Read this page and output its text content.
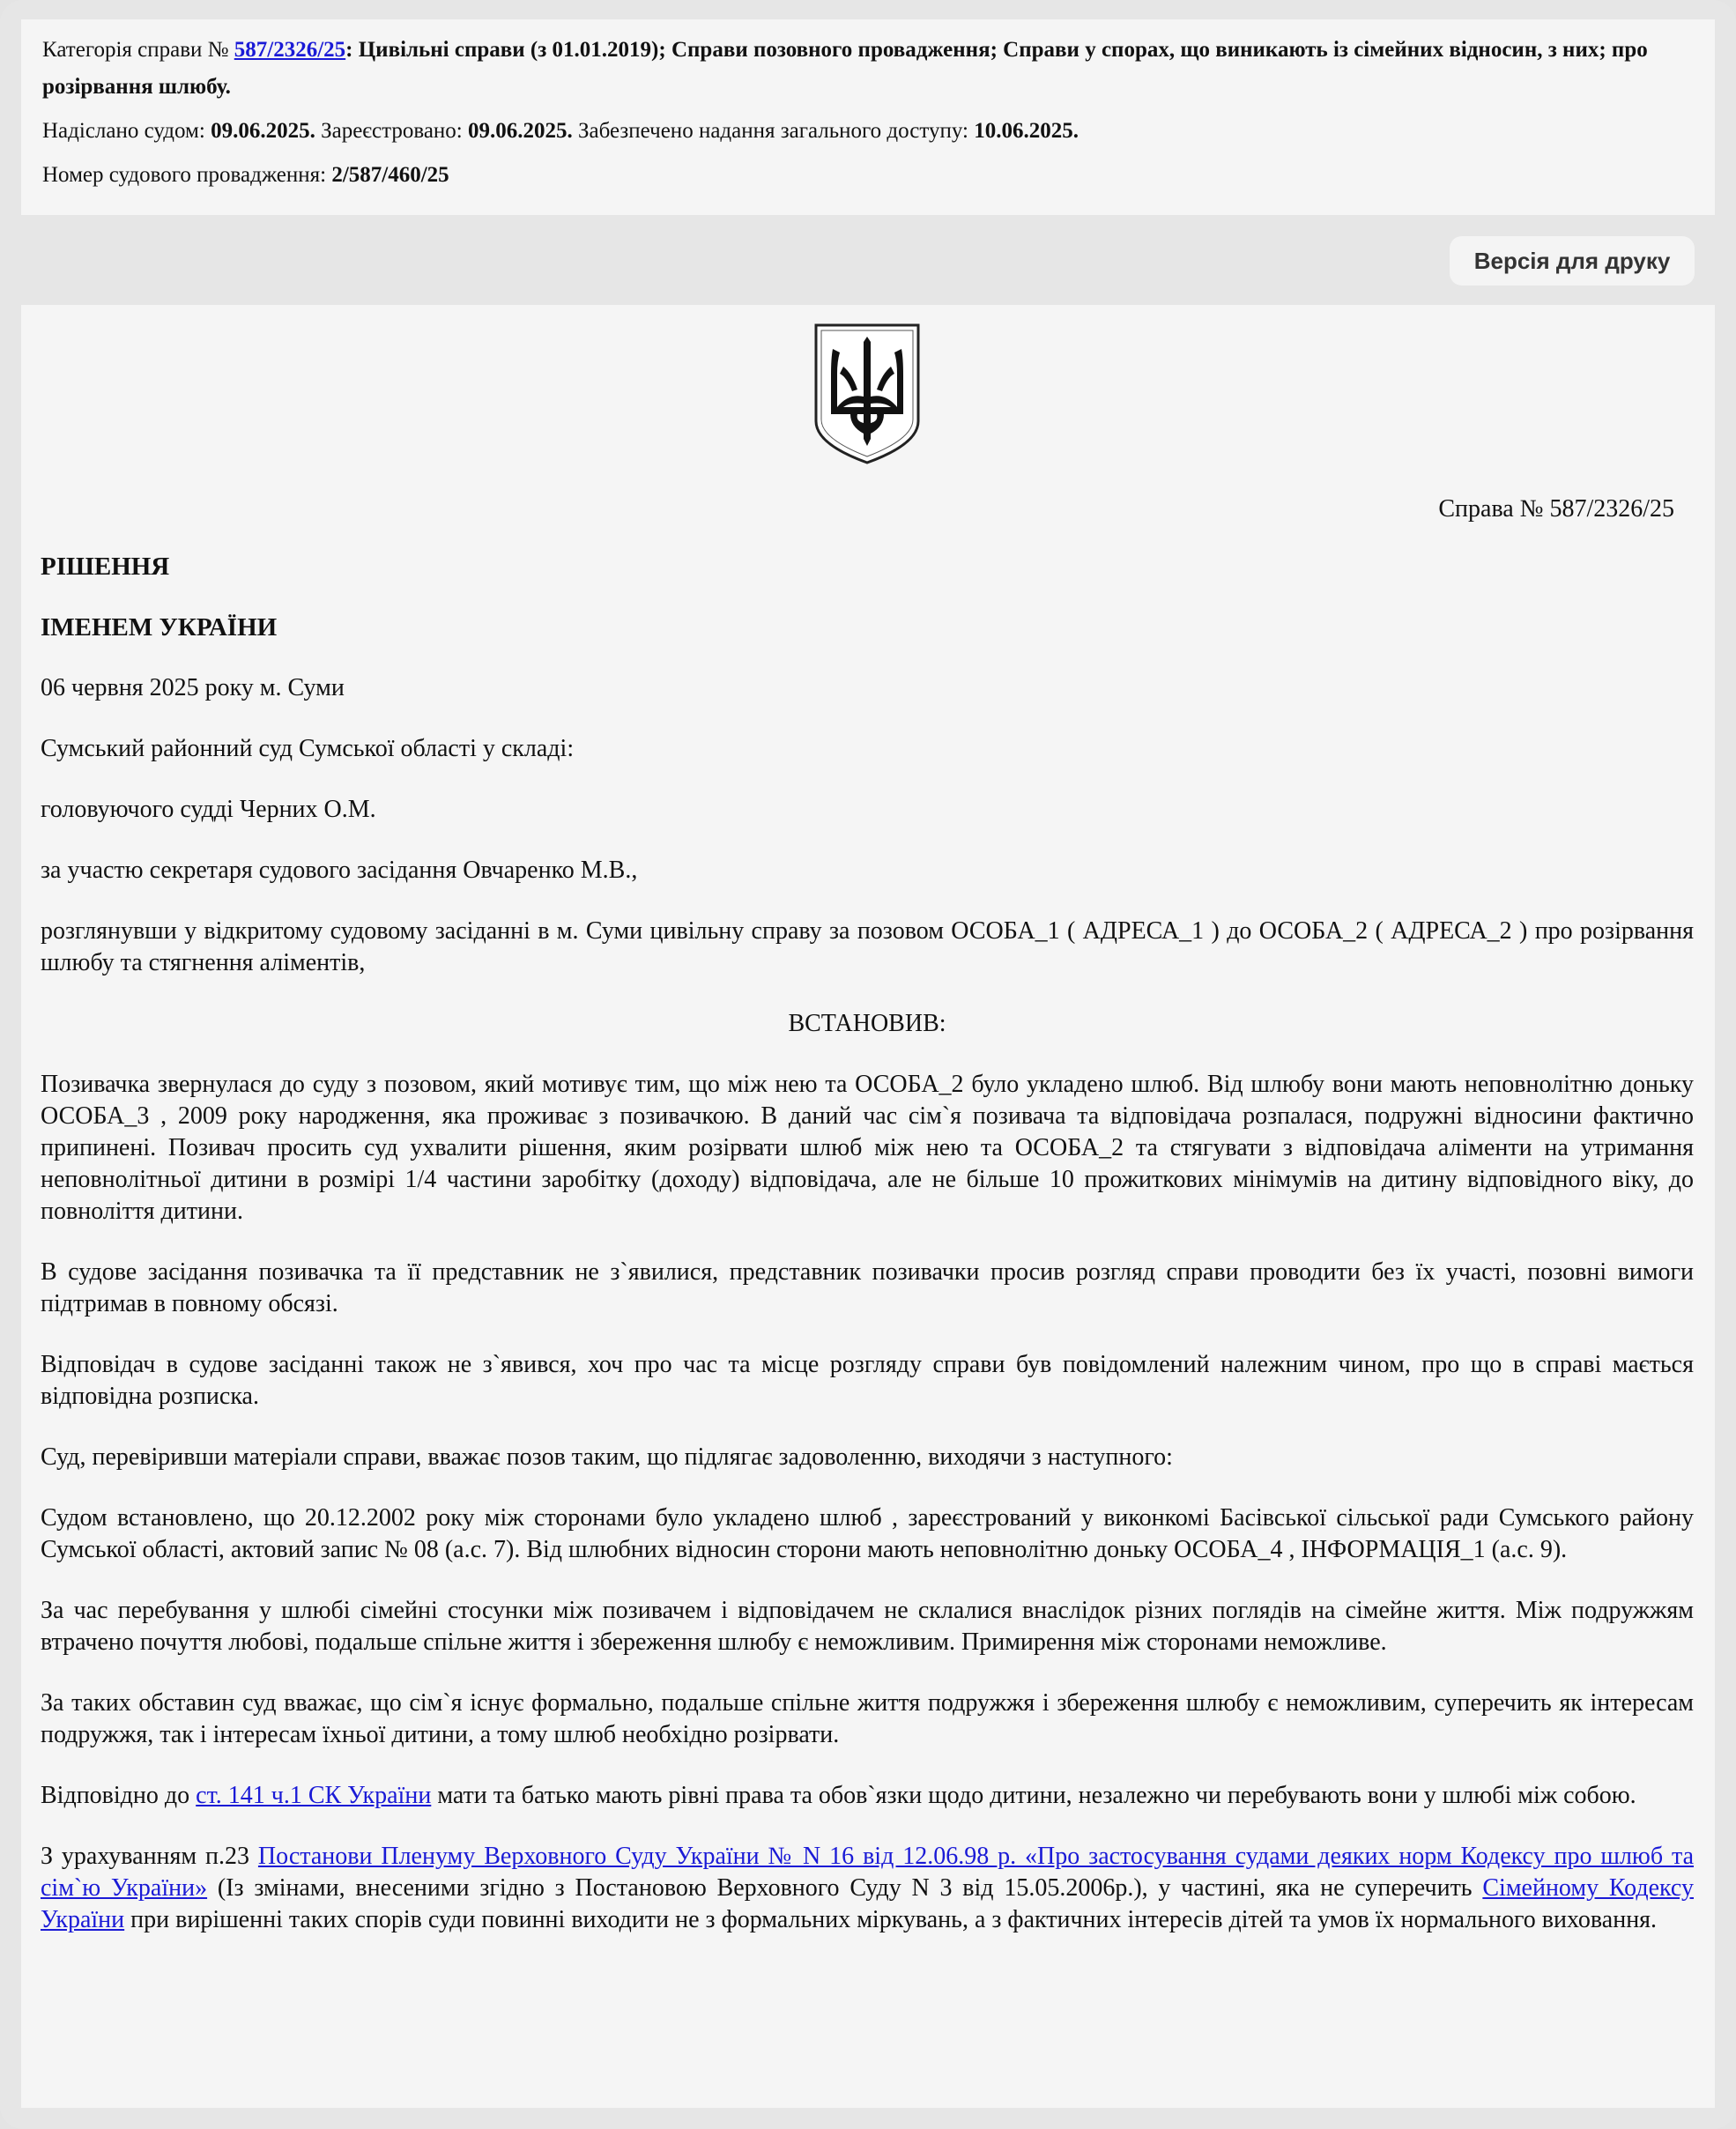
Категорія справи № 587/2326/25: Цивільні справи (з 01.01.2019); Справи позовного провадження; Справи у спорах, що виникають із сімейних відносин, з них; про розірвання шлюбу.

Надіслано судом: 09.06.2025. Зареєстровано: 09.06.2025. Забезпечено надання загального доступу: 10.06.2025.

Номер судового провадження: 2/587/460/25

Версія для друку

Справа № 587/2326/25

РІШЕННЯ

ІМЕНЕМ УКРАЇНИ

06 червня 2025 року м. Суми

Сумський районний суд Сумської області у складі:

головуючого судді Черних О.М.

за участю секретаря судового засідання Овчаренко М.В.,

розглянувши у відкритому судовому засіданні в м. Суми цивільну справу за позовом ОСОБА_1 ( АДРЕСА_1 ) до ОСОБА_2 ( АДРЕСА_2 ) про розірвання шлюбу та стягнення аліментів,

ВСТАНОВИВ:

Позивачка звернулася до суду з позовом, який мотивує тим, що між нею та ОСОБА_2 було укладено шлюб. Від шлюбу вони мають неповнолітню доньку ОСОБА_3 , 2009 року народження, яка проживає з позивачкою. В даний час сім`я позивача та відповідача розпалася, подружні відносини фактично припинені. Позивач просить суд ухвалити рішення, яким розірвати шлюб між нею та ОСОБА_2 та стягувати з відповідача аліменти на утримання неповнолітньої дитини в розмірі 1/4 частини заробітку (доходу) відповідача, але не більше 10 прожиткових мінімумів на дитину відповідного віку, до повноліття дитини.

В судове засідання позивачка та її представник не з`явилися, представник позивачки просив розгляд справи проводити без їх участі, позовні вимоги підтримав в повному обсязі.

Відповідач в судове засіданні також не з`явився, хоч про час та місце розгляду справи був повідомлений належним чином, про що в справі мається відповідна розписка.

Суд, перевіривши матеріали справи, вважає позов таким, що підлягає задоволенню, виходячи з наступного:

Судом встановлено, що 20.12.2002 року між сторонами було укладено шлюб , зареєстрований у виконкомі Басівської сільської ради Сумського району Сумської області, актовий запис № 08 (а.с. 7). Від шлюбних відносин сторони мають неповнолітню доньку ОСОБА_4 , ІНФОРМАЦІЯ_1 (а.с. 9).

За час перебування у шлюбі сімейні стосунки між позивачем і відповідачем не склалися внаслідок різних поглядів на сімейне життя. Між подружжям втрачено почуття любові, подальше спільне життя і збереження шлюбу є неможливим. Примирення між сторонами неможливе.

За таких обставин суд вважає, що сім`я існує формально, подальше спільне життя подружжя і збереження шлюбу є неможливим, суперечить як інтересам подружжя, так і інтересам їхньої дитини, а тому шлюб необхідно розірвати.

Відповідно до ст. 141 ч.1 СК України мати та батько мають рівні права та обов`язки щодо дитини, незалежно чи перебувають вони у шлюбі між собою.

З урахуванням п.23 Постанови Пленуму Верховного Суду України № N 16 від 12.06.98 р. «Про застосування судами деяких норм Кодексу про шлюб та сім`ю України» (Із змінами, внесеними згідно з Постановою Верховного Суду N 3 від 15.05.2006р.), у частині, яка не суперечить Сімейному Кодексу України при вирішенні таких спорів суди повинні виходити не з формальних міркувань, а з фактичних інтересів дітей та умов їх нормального виховання.
